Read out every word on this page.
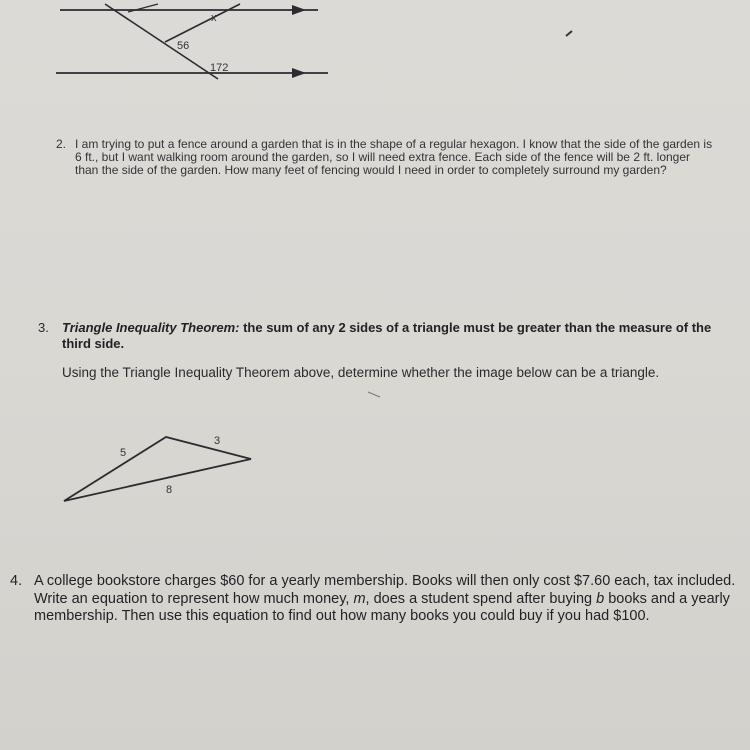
x
56
172
5
3
8
2. I am trying to put a fence around a garden that is in the shape of a regular hexagon. I know that the side of the garden is 6 ft., but I want walking room around the garden, so I will need extra fence. Each side of the fence will be 2 ft. longer than the side of the garden. How many feet of fencing would I need in order to completely surround my garden?

3. Triangle Inequality Theorem: the sum of any 2 sides of a triangle must be greater than the measure of the third side.

Using the Triangle Inequality Theorem above, determine whether the image below can be a triangle.

4. A college bookstore charges $60 for a yearly membership. Books will then only cost $7.60 each, tax included. Write an equation to represent how much money, m, does a student spend after buying b books and a yearly membership. Then use this equation to find out how many books you could buy if you had $100.
